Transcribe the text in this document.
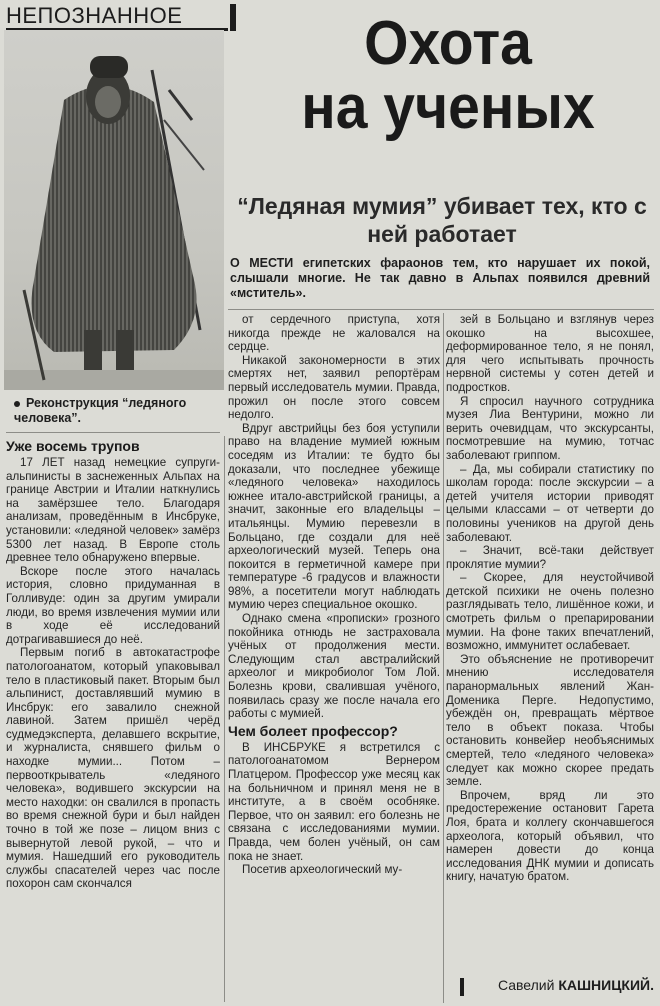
НЕПОЗНАННОЕ	Охота
на ученых
“Ледяная мумия” убивает тех, кто с ней работает
О МЕСТИ египетских фараонов тем, кто нарушает их покой, слышали многие. Не так давно в Альпах появился древний «мститель».
Реконструкция “ледяного человека”.
Уже восемь трупов

17 ЛЕТ назад немецкие супруги-альпинисты в заснеженных Альпах на границе Австрии и Италии наткнулись на замёрзшее тело. Благодаря анализам, проведённым в Инсбруке, установили: «ледяной человек» замёрз 5300 лет назад. В Европе столь древнее тело обнаружено впервые.

Вскоре после этого началась история, словно придуманная в Голливуде: один за другим умирали люди, во время извлечения мумии или в ходе её исследований дотрагивавшиеся до неё.

Первым погиб в автокатастрофе патологоанатом, который упаковывал тело в пластиковый пакет. Вторым был альпинист, доставлявший мумию в Инсбрук: его завалило снежной лавиной. Затем пришёл черёд судмедэксперта, делавшего вскрытие, и журналиста, снявшего фильм о находке мумии... Потом – первооткрыватель «ледяного человека», водившего экскурсии на место находки: он свалился в пропасть во время снежной бури и был найден точно в той же позе – лицом вниз с вывернутой левой рукой, – что и мумия. Нашедший его руководитель службы спасателей через час после похорон сам скончался

от сердечного приступа, хотя никогда прежде не жаловался на сердце.

Никакой закономерности в этих смертях нет, заявил репортёрам первый исследователь мумии. Правда, прожил он после этого совсем недолго.

Вдруг австрийцы без боя уступили право на владение мумией южным соседям из Италии: те будто бы доказали, что последнее убежище «ледяного человека» находилось южнее итало-австрийской границы, а значит, законные его владельцы – итальянцы. Мумию перевезли в Больцано, где создали для неё археологический музей. Теперь она покоится в герметичной камере при температуре -6 градусов и влажности 98%, а посетители могут наблюдать мумию через специальное окошко.

Однако смена «прописки» грозного покойника отнюдь не застраховала учёных от продолжения мести. Следующим стал австралийский археолог и микробиолог Том Лой. Болезнь крови, свалившая учёного, появилась сразу же после начала его работы с мумией.

Чем болеет профессор?

В ИНСБРУКЕ я встретился с патологоанатомом Вернером Платцером. Профессор уже месяц как на больничном и принял меня не в институте, а в своём особняке. Первое, что он заявил: его болезнь не связана с исследованиями мумии. Правда, чем болен учёный, он сам пока не знает.

Посетив археологический му-

зей в Больцано и взглянув через окошко на высохшее, деформированное тело, я не понял, для чего испытывать прочность нервной системы у сотен детей и подростков.

Я спросил научного сотрудника музея Лиа Вентурини, можно ли верить очевидцам, что экскурсанты, посмотревшие на мумию, тотчас заболевают гриппом.

– Да, мы собирали статистику по школам города: после экскурсии – а детей учителя истории приводят целыми классами – от четверти до половины учеников на другой день заболевают.

– Значит, всё-таки действует проклятие мумии?

– Скорее, для неустойчивой детской психики не очень полезно разглядывать тело, лишённое кожи, и смотреть фильм о препарировании мумии. На фоне таких впечатлений, возможно, иммунитет ослабевает.

Это объяснение не противоречит мнению исследователя паранормальных явлений Жан-Доменика Перге. Недопустимо, убеждён он, превращать мёртвое тело в объект показа. Чтобы остановить конвейер необъяснимых смертей, тело «ледяного человека» следует как можно скорее предать земле.

Впрочем, вряд ли это предостережение остановит Гарета Лоя, брата и коллегу скончавшегося археолога, который объявил, что намерен довести до конца исследования ДНК мумии и дописать книгу, начатую братом.

Савелий КАШНИЦКИЙ.
